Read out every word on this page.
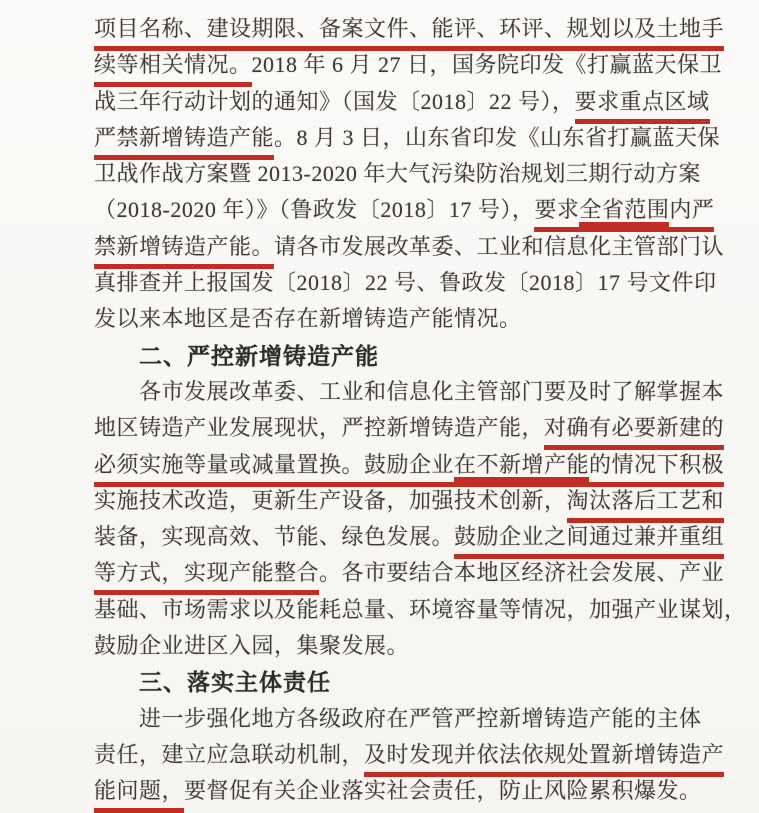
项目名称、建设期限、备案文件、能评、环评、规划以及土地手
续等相关情况。2018 年 6 月 27 日，国务院印发《打赢蓝天保卫
战三年行动计划的通知》（国发〔2018〕22 号），要求重点区域
严禁新增铸造产能。8 月 3 日，山东省印发《山东省打赢蓝天保
卫战作战方案暨 2013-2020 年大气污染防治规划三期行动方案
（2018-2020 年）》（鲁政发〔2018〕17 号），要求全省范围内严
禁新增铸造产能。请各市发展改革委、工业和信息化主管部门认
真排查并上报国发〔2018〕22 号、鲁政发〔2018〕17 号文件印
发以来本地区是否存在新增铸造产能情况。
二、严控新增铸造产能
各市发展改革委、工业和信息化主管部门要及时了解掌握本
地区铸造产业发展现状，严控新增铸造产能，对确有必要新建的
必须实施等量或减量置换。鼓励企业在不新增产能的情况下积极
实施技术改造，更新生产设备，加强技术创新，淘汰落后工艺和
装备，实现高效、节能、绿色发展。鼓励企业之间通过兼并重组
等方式，实现产能整合。各市要结合本地区经济社会发展、产业
基础、市场需求以及能耗总量、环境容量等情况，加强产业谋划，
鼓励企业进区入园，集聚发展。
三、落实主体责任
进一步强化地方各级政府在严管严控新增铸造产能的主体
责任，建立应急联动机制，及时发现并依法依规处置新增铸造产
能问题，要督促有关企业落实社会责任，防止风险累积爆发。
